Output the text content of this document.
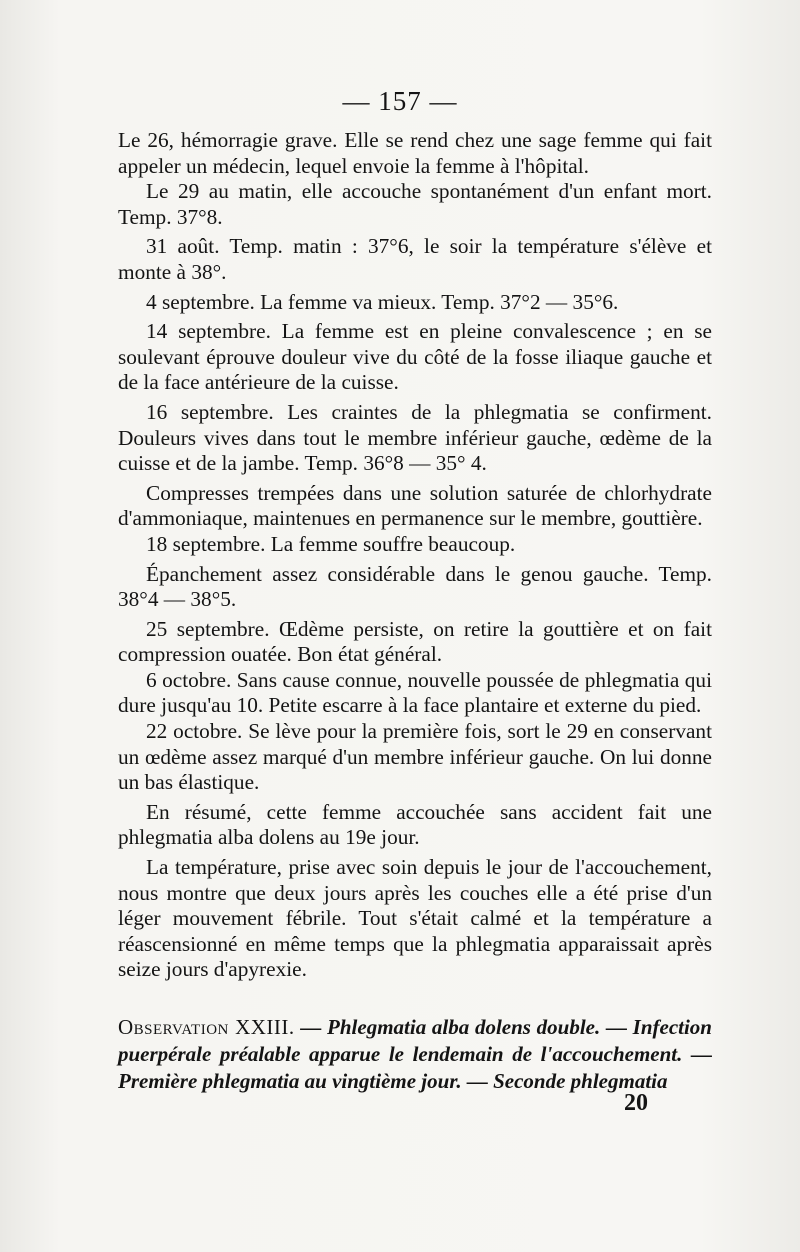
— 157 —

Le 26, hémorragie grave. Elle se rend chez une sage femme qui fait appeler un médecin, lequel envoie la femme à l'hôpital.

Le 29 au matin, elle accouche spontanément d'un enfant mort. Temp. 37°8.

31 août. Temp. matin : 37°6, le soir la température s'élève et monte à 38°.

4 septembre. La femme va mieux. Temp. 37°2 — 35°6.

14 septembre. La femme est en pleine convalescence ; en se soulevant éprouve douleur vive du côté de la fosse iliaque gauche et de la face antérieure de la cuisse.

16 septembre. Les craintes de la phlegmatia se confirment. Douleurs vives dans tout le membre inférieur gauche, œdème de la cuisse et de la jambe. Temp. 36°8 — 35° 4.

Compresses trempées dans une solution saturée de chlorhydrate d'ammoniaque, maintenues en permanence sur le membre, gouttière.

18 septembre. La femme souffre beaucoup.

Épanchement assez considérable dans le genou gauche. Temp. 38°4 — 38°5.

25 septembre. Œdème persiste, on retire la gouttière et on fait compression ouatée. Bon état général.

6 octobre. Sans cause connue, nouvelle poussée de phlegmatia qui dure jusqu'au 10. Petite escarre à la face plantaire et externe du pied.

22 octobre. Se lève pour la première fois, sort le 29 en conservant un œdème assez marqué d'un membre inférieur gauche. On lui donne un bas élastique.

En résumé, cette femme accouchée sans accident fait une phlegmatia alba dolens au 19e jour.

La température, prise avec soin depuis le jour de l'accouchement, nous montre que deux jours après les couches elle a été prise d'un léger mouvement fébrile. Tout s'était calmé et la température a réascensionné en même temps que la phlegmatia apparaissait après seize jours d'apyrexie.

Observation XXIII. — Phlegmatia alba dolens double. — Infection puerpérale préalable apparue le lendemain de l'accouchement. — Première phlegmatia au vingtième jour. — Seconde phlegmatia
20
